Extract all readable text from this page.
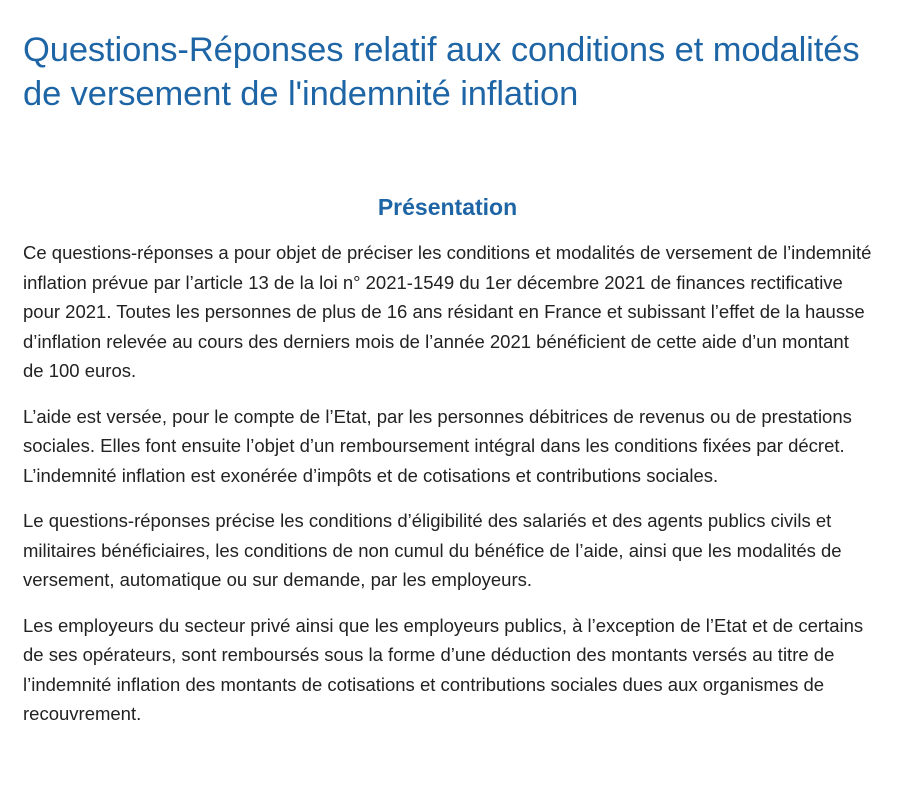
Questions-Réponses relatif aux conditions et modalités de versement de l'indemnité inflation
Présentation

Ce questions-réponses a pour objet de préciser les conditions et modalités de versement de l’indemnité inflation prévue par l’article 13 de la loi n° 2021-1549 du 1er décembre 2021 de finances rectificative pour 2021. Toutes les personnes de plus de 16 ans résidant en France et subissant l’effet de la hausse d’inflation relevée au cours des derniers mois de l’année 2021 bénéficient de cette aide d’un montant de 100 euros.

L’aide est versée, pour le compte de l’Etat, par les personnes débitrices de revenus ou de prestations sociales. Elles font ensuite l’objet d’un remboursement intégral dans les conditions fixées par décret. L’indemnité inflation est exonérée d’impôts et de cotisations et contributions sociales.

Le questions-réponses précise les conditions d’éligibilité des salariés et des agents publics civils et militaires bénéficiaires, les conditions de non cumul du bénéfice de l’aide, ainsi que les modalités de versement, automatique ou sur demande, par les employeurs.

Les employeurs du secteur privé ainsi que les employeurs publics, à l’exception de l’Etat et de certains de ses opérateurs, sont remboursés sous la forme d’une déduction des montants versés au titre de l’indemnité inflation des montants de cotisations et contributions sociales dues aux organismes de recouvrement.
